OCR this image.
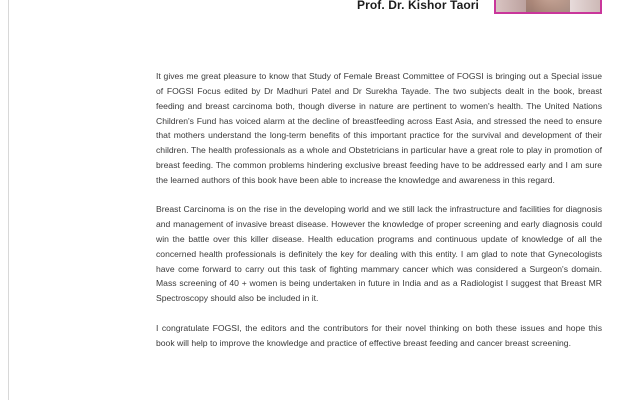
Prof. Dr. Kishor Taori

It gives me great pleasure to know that Study of Female Breast Committee of FOGSI is bringing out a Special issue of FOGSI Focus edited by Dr Madhuri Patel and Dr Surekha Tayade. The two subjects dealt in the book, breast feeding and breast carcinoma both, though diverse in nature are pertinent to women's health. The United Nations Children's Fund has voiced alarm at the decline of breastfeeding across East Asia, and stressed the need to ensure that mothers understand the long-term benefits of this important practice for the survival and development of their children. The health professionals as a whole and Obstetricians in particular have a great role to play in promotion of breast feeding. The common problems hindering exclusive breast feeding have to be addressed early and I am sure the learned authors of this book have been able to increase the knowledge and awareness in this regard.

Breast Carcinoma is on the rise in the developing world and we still lack the infrastructure and facilities for diagnosis and management of invasive breast disease. However the knowledge of proper screening and early diagnosis could win the battle over this killer disease. Health education programs and continuous update of knowledge of all the concerned health professionals is definitely the key for dealing with this entity. I am glad to note that Gynecologists have come forward to carry out this task of fighting mammary cancer which was considered a Surgeon's domain. Mass screening of 40 + women is being undertaken in future in India and as a Radiologist I suggest that Breast MR Spectroscopy should also be included in it.

I congratulate FOGSI, the editors and the contributors for their novel thinking on both these issues and hope this book will help to improve the knowledge and practice of effective breast feeding and cancer breast screening.
